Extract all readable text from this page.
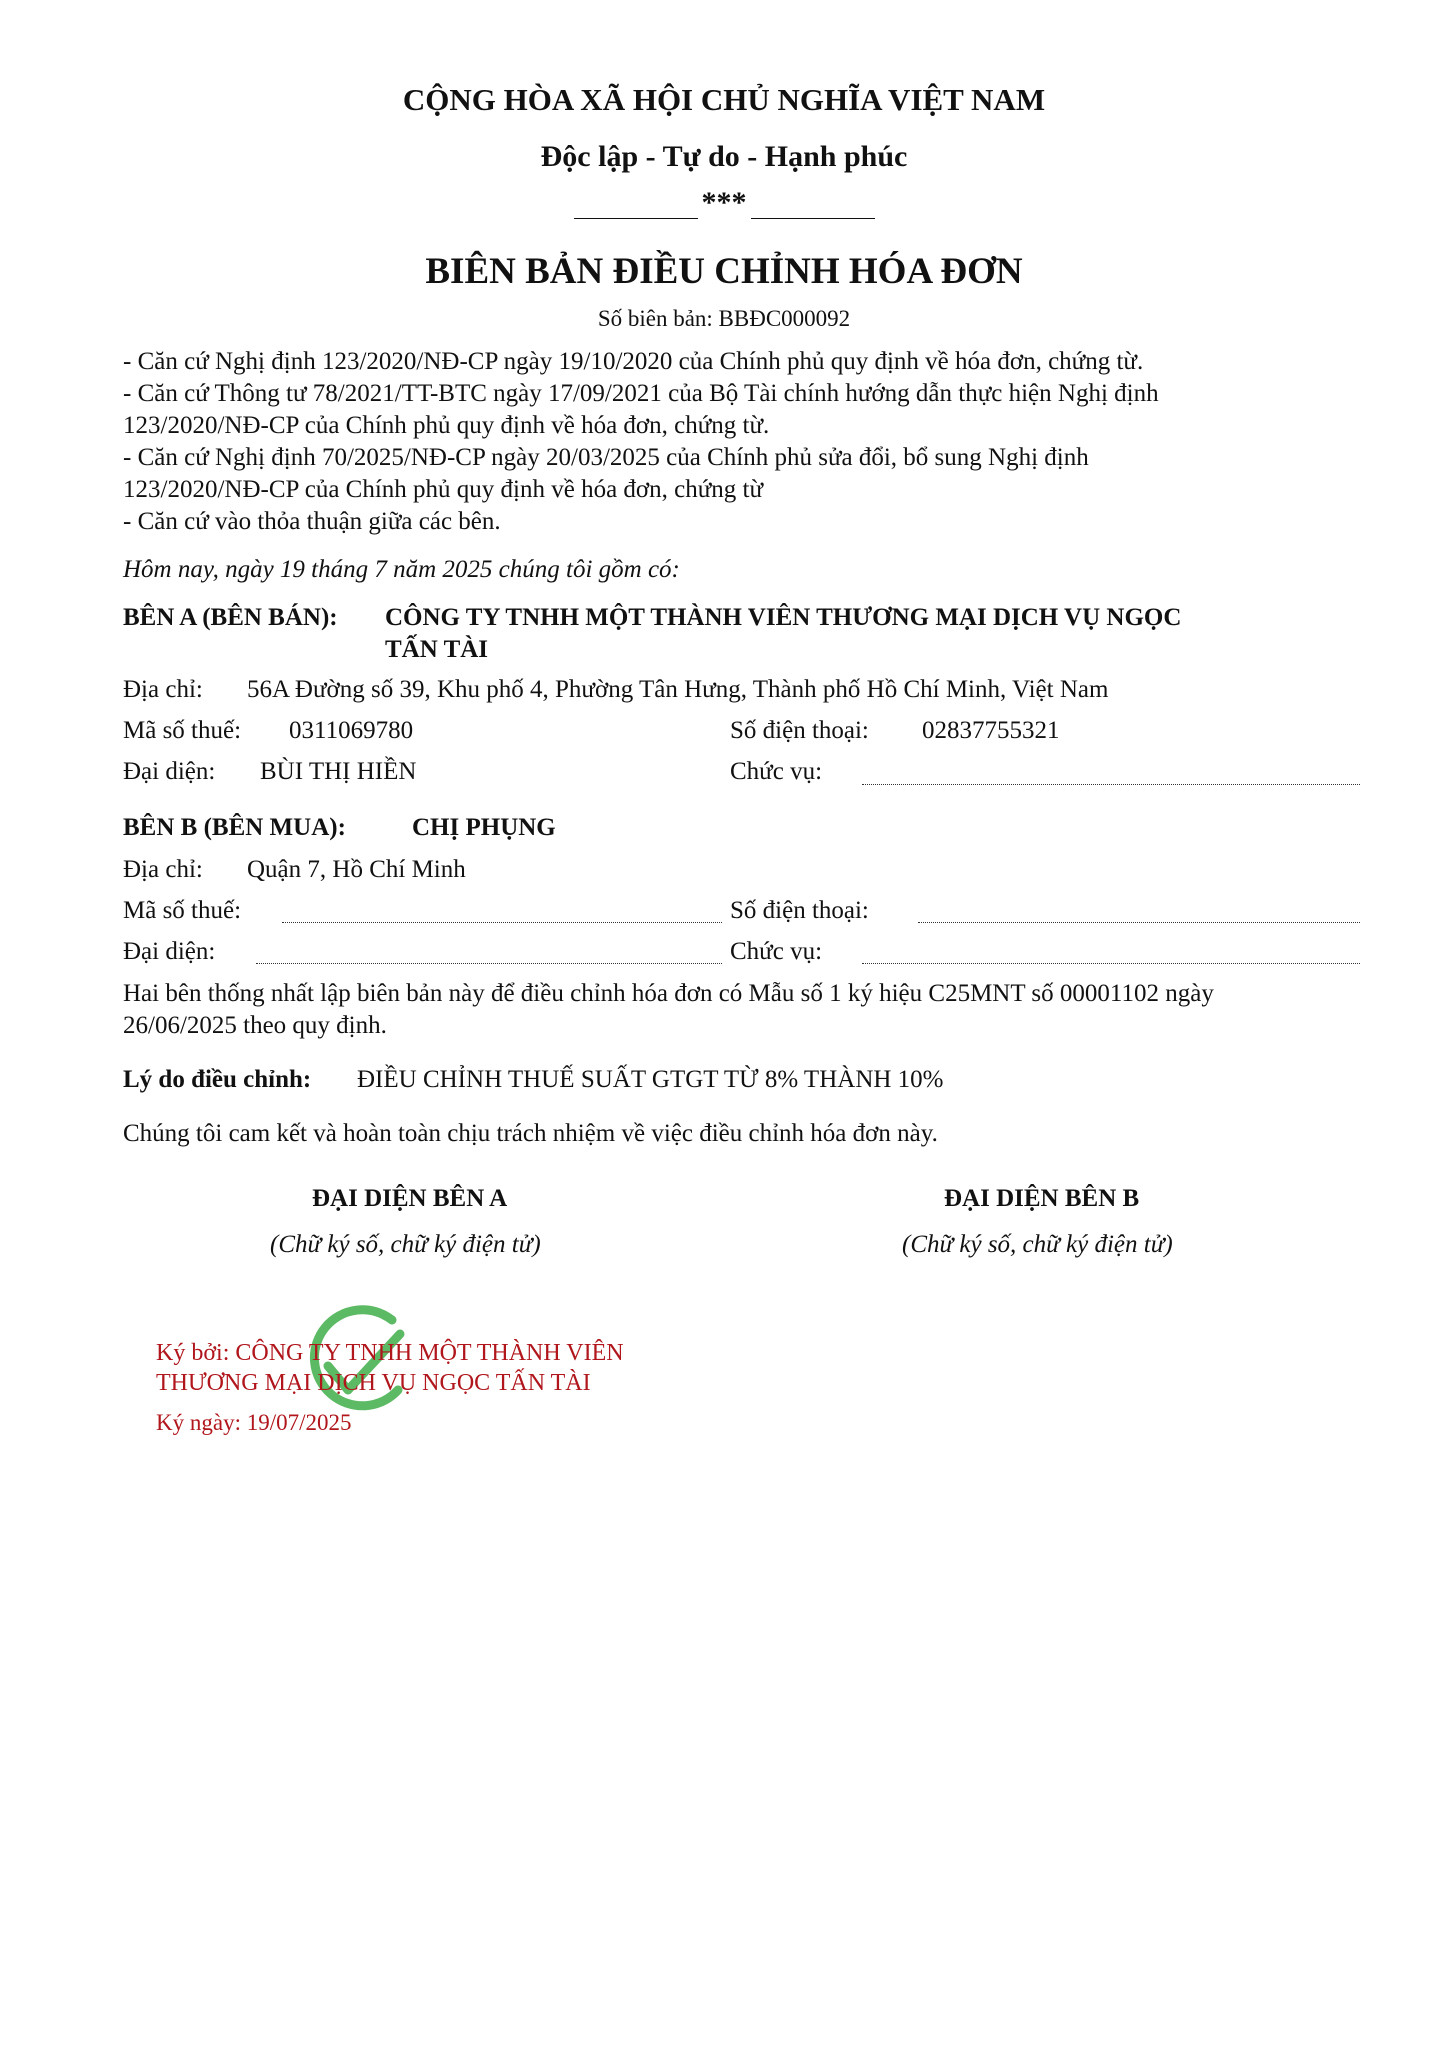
CỘNG HÒA XÃ HỘI CHỦ NGHĨA VIỆT NAM
Độc lập - Tự do - Hạnh phúc
***
BIÊN BẢN ĐIỀU CHỈNH HÓA ĐƠN
Số biên bản: BBĐC000092
- Căn cứ Nghị định 123/2020/NĐ-CP ngày 19/10/2020 của Chính phủ quy định về hóa đơn, chứng từ.
- Căn cứ Thông tư 78/2021/TT-BTC ngày 17/09/2021 của Bộ Tài chính hướng dẫn thực hiện Nghị định
123/2020/NĐ-CP của Chính phủ quy định về hóa đơn, chứng từ.
- Căn cứ Nghị định 70/2025/NĐ-CP ngày 20/03/2025 của Chính phủ sửa đổi, bổ sung Nghị định
123/2020/NĐ-CP của Chính phủ quy định về hóa đơn, chứng từ
- Căn cứ vào thỏa thuận giữa các bên.
Hôm nay, ngày 19 tháng 7 năm 2025 chúng tôi gồm có:
BÊN A (BÊN BÁN): CÔNG TY TNHH MỘT THÀNH VIÊN THƯƠNG MẠI DỊCH VỤ NGỌC
TẤN TÀI
Địa chỉ: 56A Đường số 39, Khu phố 4, Phường Tân Hưng, Thành phố Hồ Chí Minh, Việt Nam
Mã số thuế: 0311069780	Số điện thoại: 02837755321
Đại diện: BÙI THỊ HIỀN	Chức vụ:
BÊN B (BÊN MUA):	CHỊ PHỤNG
Địa chỉ: Quận 7, Hồ Chí Minh
Mã số thuế:	Số điện thoại:
Đại diện:	Chức vụ:
Hai bên thống nhất lập biên bản này để điều chỉnh hóa đơn có Mẫu số 1 ký hiệu C25MNT số 00001102 ngày
26/06/2025 theo quy định.
Lý do điều chỉnh: ĐIỀU CHỈNH THUẾ SUẤT GTGT TỪ 8% THÀNH 10%
Chúng tôi cam kết và hoàn toàn chịu trách nhiệm về việc điều chỉnh hóa đơn này.
ĐẠI DIỆN BÊN A
(Chữ ký số, chữ ký điện tử)
ĐẠI DIỆN BÊN B
(Chữ ký số, chữ ký điện tử)
Ký bởi: CÔNG TY TNHH MỘT THÀNH VIÊN
THƯƠNG MẠI DỊCH VỤ NGỌC TẤN TÀI
Ký ngày: 19/07/2025
